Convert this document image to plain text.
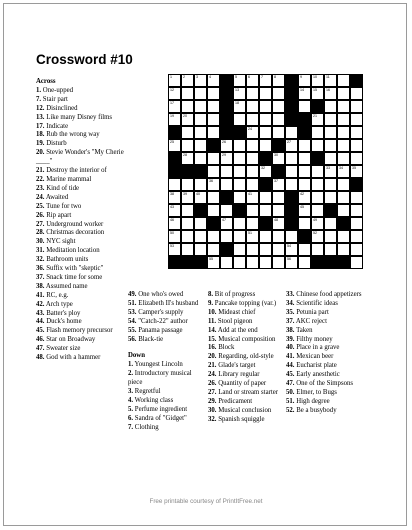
Crossword #10
1	2	3	4	5	6	7	8	9	10	11
12	13	14	15	16
17	18
19	20	21
24
25	26	27
28	29	30
32	33	34	35
36	37
38	39	40	41	42
43	45
46	47	48	49
50	51	52
53	54
55	56
Across
1. One-upped
7. Stair part
12. Disinclined
13. Like many Disney films
17. Indicate
18. Rub the wrong way
19. Disturb
20. Stevie Wonder's "My Cherie ____"
21. Destroy the interior of
22. Marine mammal
23. Kind of tide
24. Awaited
25. Tune for two
26. Rip apart
27. Underground worker
28. Christmas decoration
30. NYC sight
31. Meditation location
32. Bathroom units
36. Suffix with "skeptic"
37. Snack time for some
38. Assumed name
41. RC, e.g.
42. Arch type
43. Batter's ploy
44. Duck's home
45. Flash memory precursor
46. Star on Broadway
47. Sweater size
48. God with a hammer
49. One who's owed
51. Elizabeth II's husband
53. Camper's supply
54. "Catch-22" author
55. Panama passage
56. Black-tie
Down
1. Youngest Lincoln
2. Introductory musical piece
3. Regretful
4. Working class
5. Perfume ingredient
6. Sandra of "Gidget"
7. Clothing
8. Bit of progress
9. Pancake topping (var.)
10. Mideast chief
11. Stool pigeon
14. Add at the end
15. Musical composition
16. Block
20. Regarding, old-style
21. Glade's target
24. Library regular
26. Quantity of paper
27. Land or stream starter
29. Predicament
30. Musical conclusion
32. Spanish squiggle
33. Chinese food appetizers
34. Scientific ideas
35. Petunia part
37. AKC reject
38. Taken
39. Filthy money
40. Place in a grave
41. Mexican beer
44. Eucharist plate
45. Early anesthetic
47. One of the Simpsons
50. Elmer, to Bugs
51. High degree
52. Be a busybody
Free printable courtesy of PrintItFree.net
